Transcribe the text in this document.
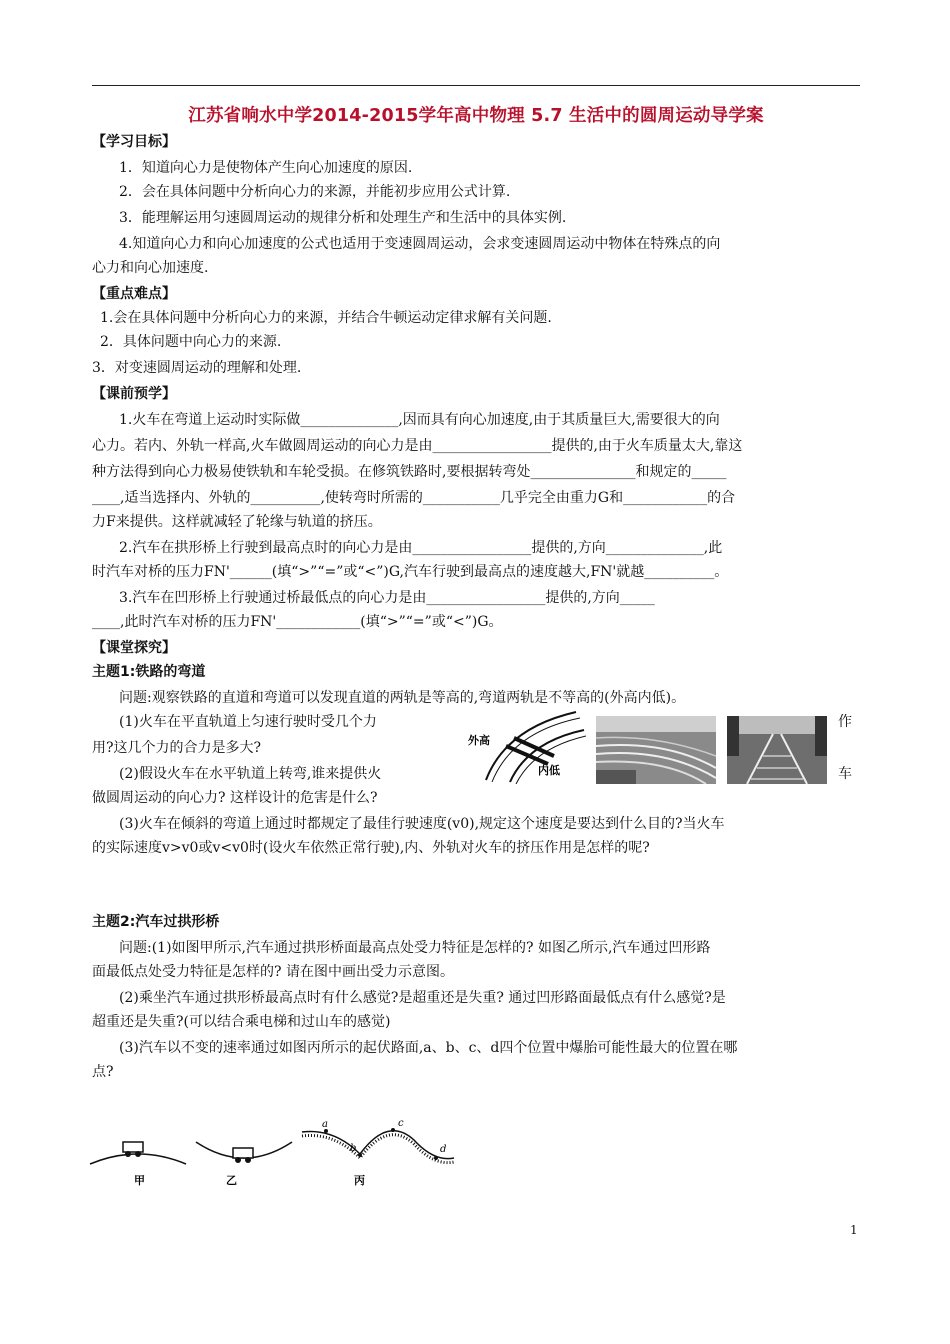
江苏省响水中学2014-2015学年高中物理 5.7 生活中的圆周运动导学案
【学习目标】
1．知道向心力是使物体产生向心加速度的原因.
2．会在具体问题中分析向心力的来源，并能初步应用公式计算.
3．能理解运用匀速圆周运动的规律分析和处理生产和生活中的具体实例.
4.知道向心力和向心加速度的公式也适用于变速圆周运动，会求变速圆周运动中物体在特殊点的向
心力和向心加速度.
【重点难点】
1.会在具体问题中分析向心力的来源，并结合牛顿运动定律求解有关问题.
2．具体问题中向心力的来源.
3．对变速圆周运动的理解和处理.
【课前预学】
1.火车在弯道上运动时实际做______________,因而具有向心加速度,由于其质量巨大,需要很大的向
心力。若内、外轨一样高,火车做圆周运动的向心力是由_________________提供的,由于火车质量太大,靠这
种方法得到向心力极易使铁轨和车轮受损。在修筑铁路时,要根据转弯处_______________和规定的_____
____,适当选择内、外轨的__________,使转弯时所需的___________几乎完全由重力G和____________的合
力F来提供。这样就减轻了轮缘与轨道的挤压。
2.汽车在拱形桥上行驶到最高点时的向心力是由_________________提供的,方向______________,此
时汽车对桥的压力FN'______(填“>”“=”或“<”)G,汽车行驶到最高点的速度越大,FN'就越__________。
3.汽车在凹形桥上行驶通过桥最低点的向心力是由_________________提供的,方向_____
____,此时汽车对桥的压力FN'____________(填“>”“=”或“<”)G。
【课堂探究】
主题1:铁路的弯道
问题:观察铁路的直道和弯道可以发现直道的两轨是等高的,弯道两轨是不等高的(外高内低)。
(1)火车在平直轨道上匀速行驶时受几个力	作
用?这几个力的合力是多大?
(2)假设火车在水平轨道上转弯,谁来提供火	车
做圆周运动的向心力? 这样设计的危害是什么?
(3)火车在倾斜的弯道上通过时都规定了最佳行驶速度(v0),规定这个速度是要达到什么目的?当火车
的实际速度v>v0或v<v0时(设火车依然正常行驶),内、外轨对火车的挤压作用是怎样的呢?
外高
内低
主题2:汽车过拱形桥
问题:(1)如图甲所示,汽车通过拱形桥面最高点处受力特征是怎样的? 如图乙所示,汽车通过凹形路
面最低点处受力特征是怎样的? 请在图中画出受力示意图。
(2)乘坐汽车通过拱形桥最高点时有什么感觉?是超重还是失重? 通过凹形路面最低点有什么感觉?是
超重还是失重?(可以结合乘电梯和过山车的感觉)
(3)汽车以不变的速率通过如图丙所示的起伏路面,a、b、c、d四个位置中爆胎可能性最大的位置在哪
点?
甲	乙
a
b
c
d
丙
1
